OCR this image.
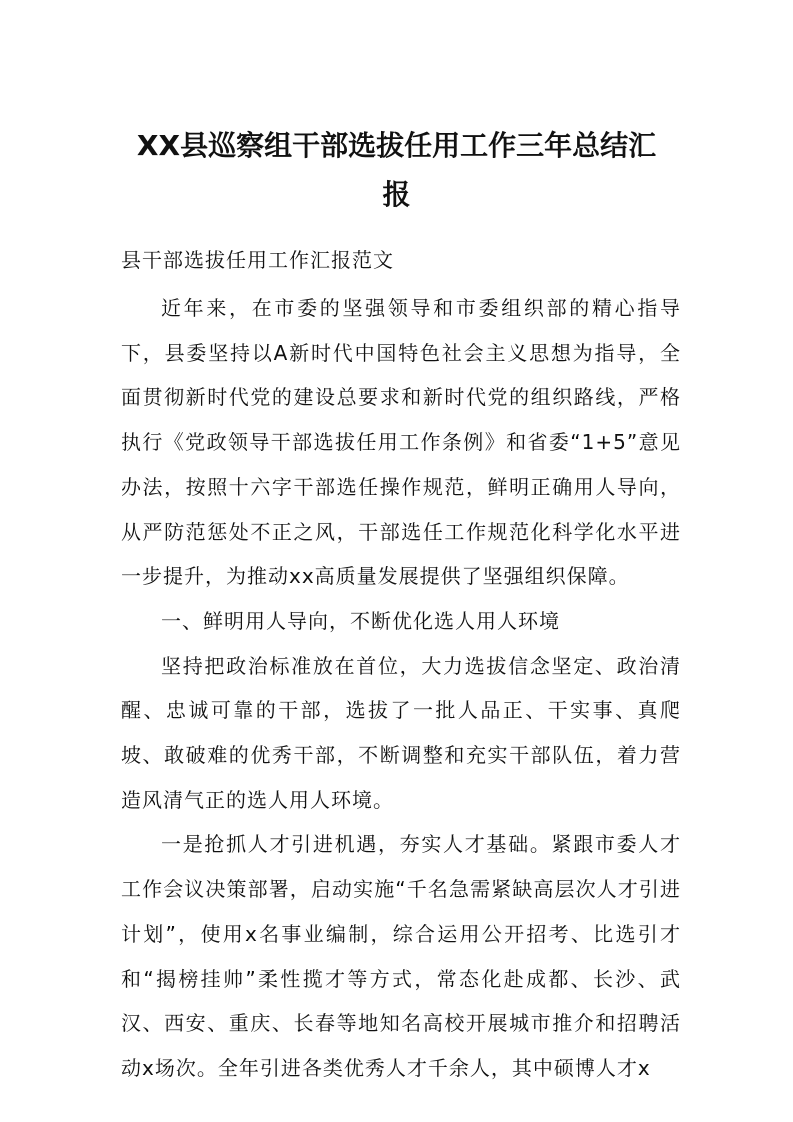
XX县巡察组干部选拔任用工作三年总结汇
报

县干部选拔任用工作汇报范文

近年来，在市委的坚强领导和市委组织部的精心指导下，县委坚持以A新时代中国特色社会主义思想为指导，全面贯彻新时代党的建设总要求和新时代党的组织路线，严格执行《党政领导干部选拔任用工作条例》和省委“1+5”意见办法，按照十六字干部选任操作规范，鲜明正确用人导向，从严防范惩处不正之风，干部选任工作规范化科学化水平进一步提升，为推动xx高质量发展提供了坚强组织保障。

一、鲜明用人导向，不断优化选人用人环境

坚持把政治标准放在首位，大力选拔信念坚定、政治清醒、忠诚可靠的干部，选拔了一批人品正、干实事、真爬坡、敢破难的优秀干部，不断调整和充实干部队伍，着力营造风清气正的选人用人环境。

一是抢抓人才引进机遇，夯实人才基础。紧跟市委人才工作会议决策部署，启动实施“千名急需紧缺高层次人才引进计划”，使用x名事业编制，综合运用公开招考、比选引才和“揭榜挂帅”柔性揽才等方式，常态化赴成都、长沙、武汉、西安、重庆、长春等地知名高校开展城市推介和招聘活动x场次。全年引进各类优秀人才千余人，其中硕博人才x
